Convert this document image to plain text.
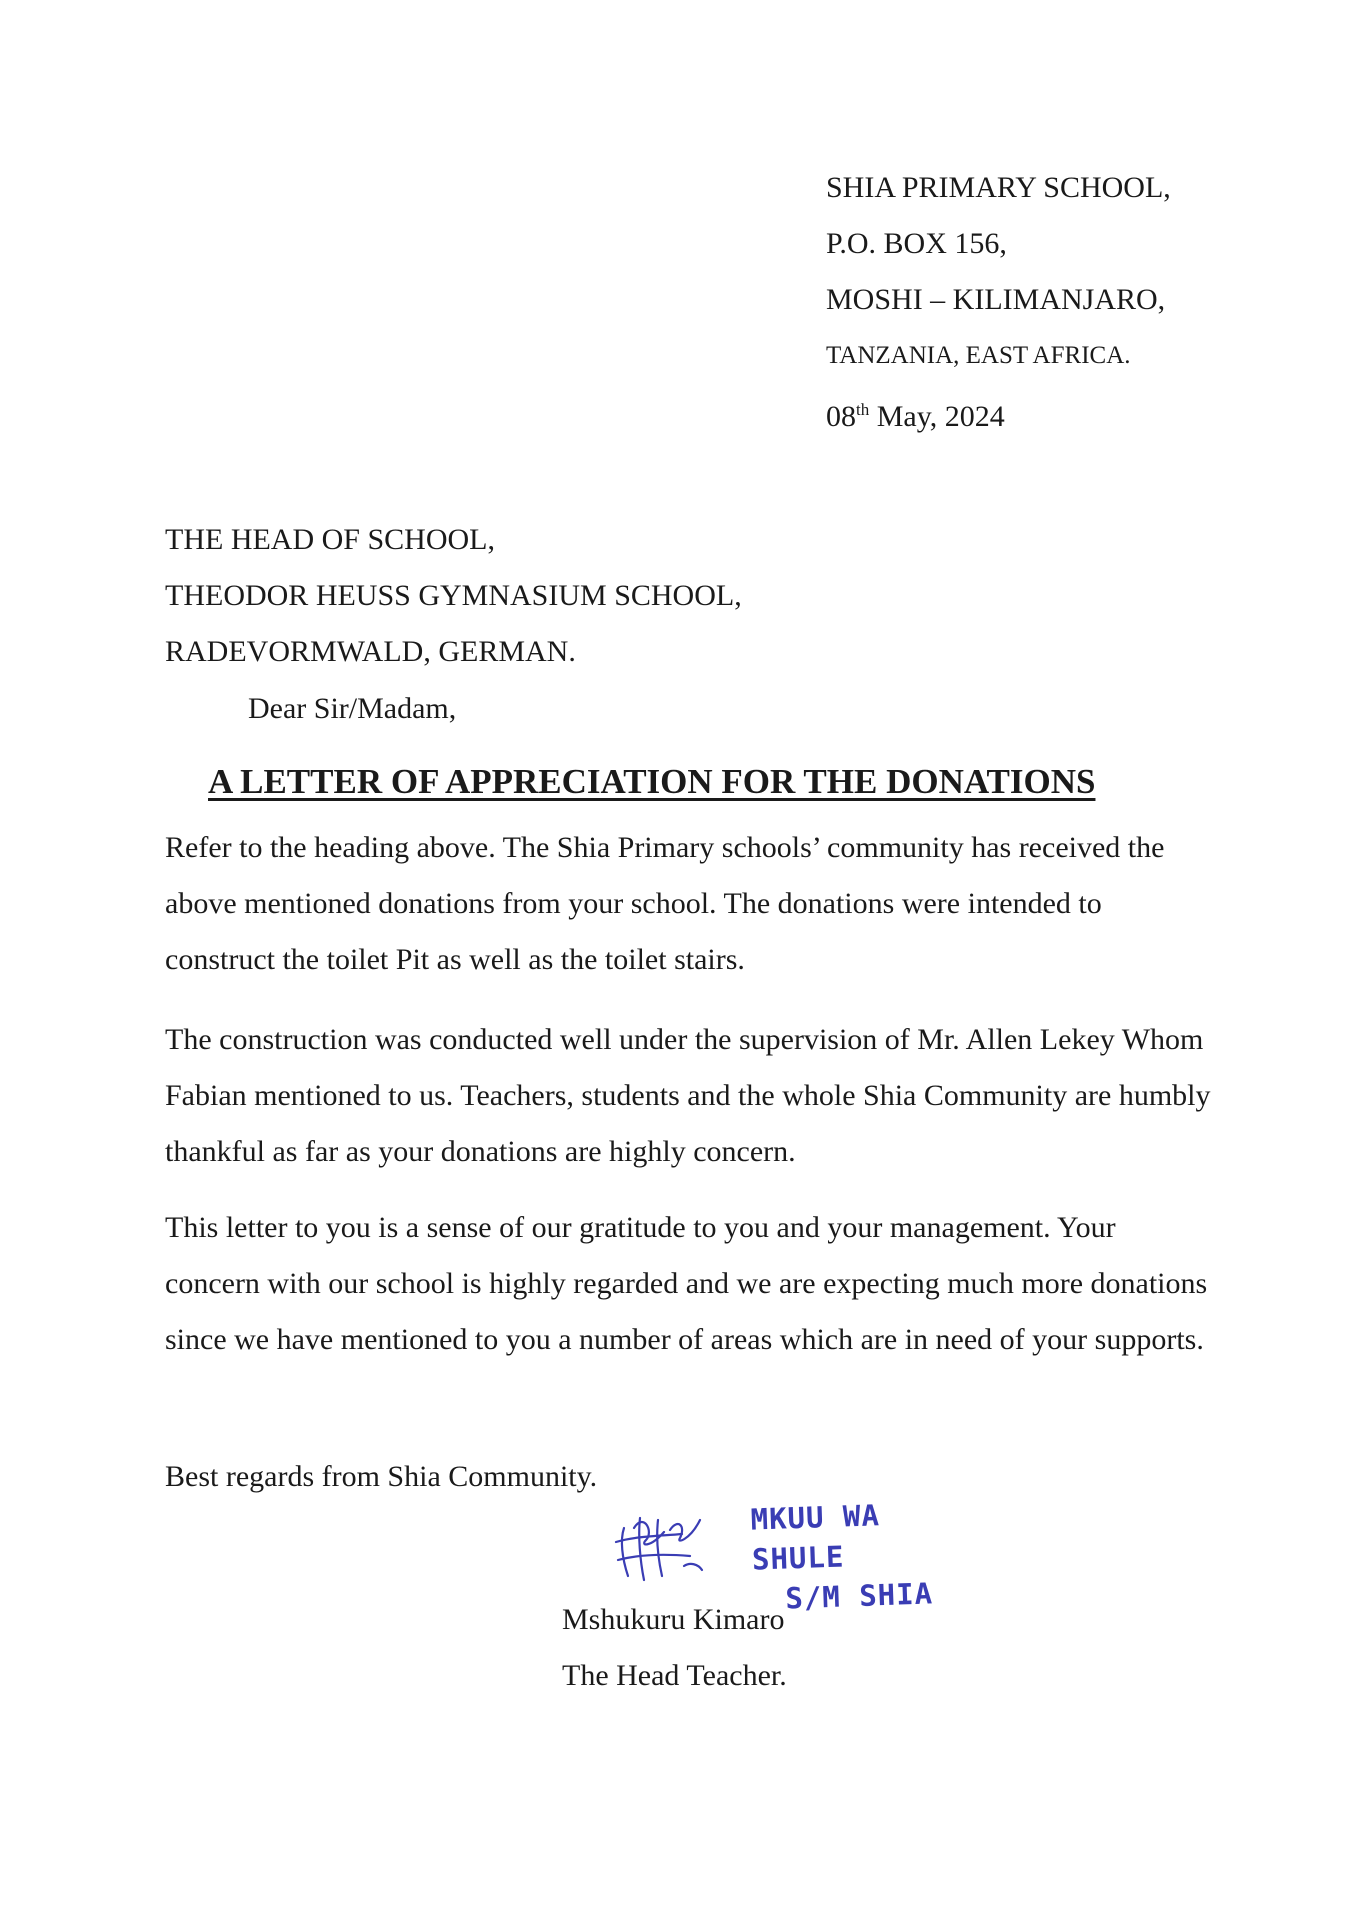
SHIA PRIMARY SCHOOL,
P.O. BOX 156,
MOSHI – KILIMANJARO,
TANZANIA, EAST AFRICA.
08th May, 2024
THE HEAD OF SCHOOL,
THEODOR HEUSS GYMNASIUM SCHOOL,
RADEVORMWALD, GERMAN.
Dear Sir/Madam,
A LETTER OF APPRECIATION FOR THE DONATIONS

Refer to the heading above. The Shia Primary schools’ community has received the above mentioned donations from your school. The donations were intended to construct the toilet Pit as well as the toilet stairs.

The construction was conducted well under the supervision of Mr. Allen Lekey Whom Fabian mentioned to us. Teachers, students and the whole Shia Community are humbly thankful as far as your donations are highly concern.

This letter to you is a sense of our gratitude to you and your management. Your concern with our school is highly regarded and we are expecting much more donations since we have mentioned to you a number of areas which are in need of your supports.

Best regards from Shia Community.
MKUU WA SHULE
S/M SHIA
Mshukuru Kimaro
The Head Teacher.
